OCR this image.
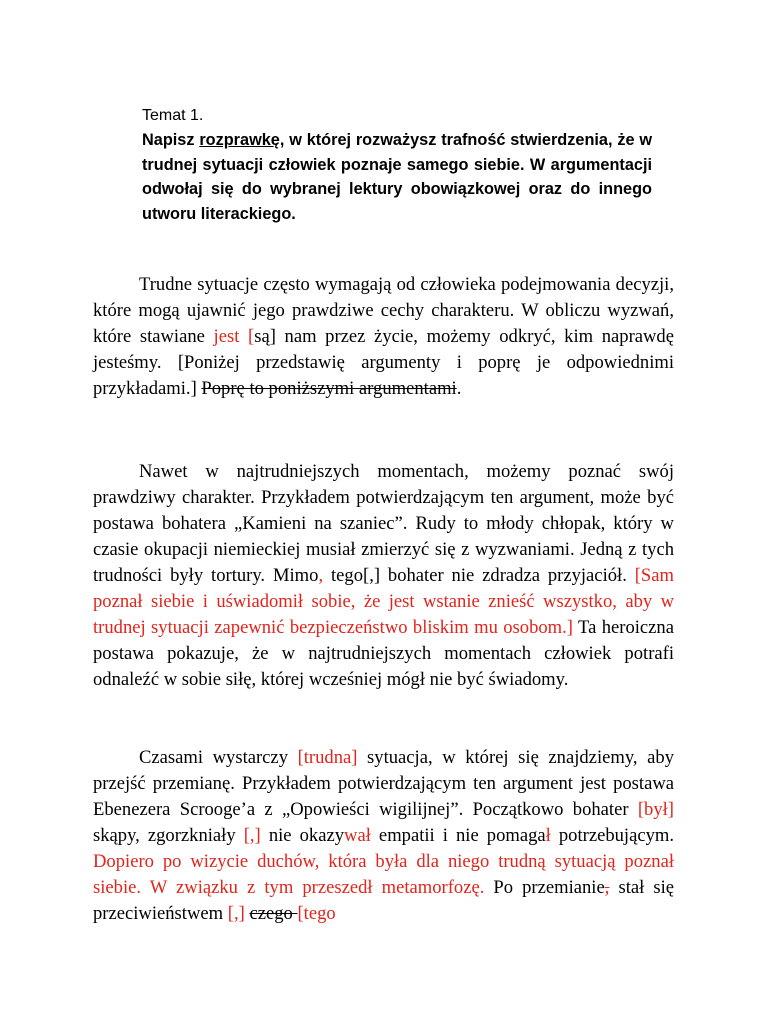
Temat 1.

Napisz rozprawkę, w której rozważysz trafność stwierdzenia, że w trudnej sytuacji człowiek poznaje samego siebie. W argumentacji odwołaj się do wybranej lektury obowiązkowej oraz do innego utworu literackiego.

Trudne sytuacje często wymagają od człowieka podejmowania decyzji, które mogą ujawnić jego prawdziwe cechy charakteru. W obliczu wyzwań, które stawiane jest [są] nam przez życie, możemy odkryć, kim naprawdę jesteśmy. [Poniżej przedstawię argumenty i poprę je odpowiednimi przykładami.] Poprę to poniższymi argumentami.

Nawet w najtrudniejszych momentach, możemy poznać swój prawdziwy charakter. Przykładem potwierdzającym ten argument, może być postawa bohatera „Kamieni na szaniec”. Rudy to młody chłopak, który w czasie okupacji niemieckiej musiał zmierzyć się z wyzwaniami. Jedną z tych trudności były tortury. Mimo, tego[,] bohater nie zdradza przyjaciół. [Sam poznał siebie i uświadomił sobie, że jest wstanie znieść wszystko, aby w trudnej sytuacji zapewnić bezpieczeństwo bliskim mu osobom.] Ta heroiczna postawa pokazuje, że w najtrudniejszych momentach człowiek potrafi odnaleźć w sobie siłę, której wcześniej mógł nie być świadomy.

Czasami wystarczy [trudna] sytuacja, w której się znajdziemy, aby przejść przemianę. Przykładem potwierdzającym ten argument jest postawa Ebenezera Scrooge’a z „Opowieści wigilijnej”. Początkowo bohater [był] skąpy, zgorzkniały [,] nie okazywał empatii i nie pomagał potrzebującym. Dopiero po wizycie duchów, która była dla niego trudną sytuacją poznał siebie. W związku z tym przeszedł metamorfozę. Po przemianie, stał się przeciwieństwem [,] czego [tego
